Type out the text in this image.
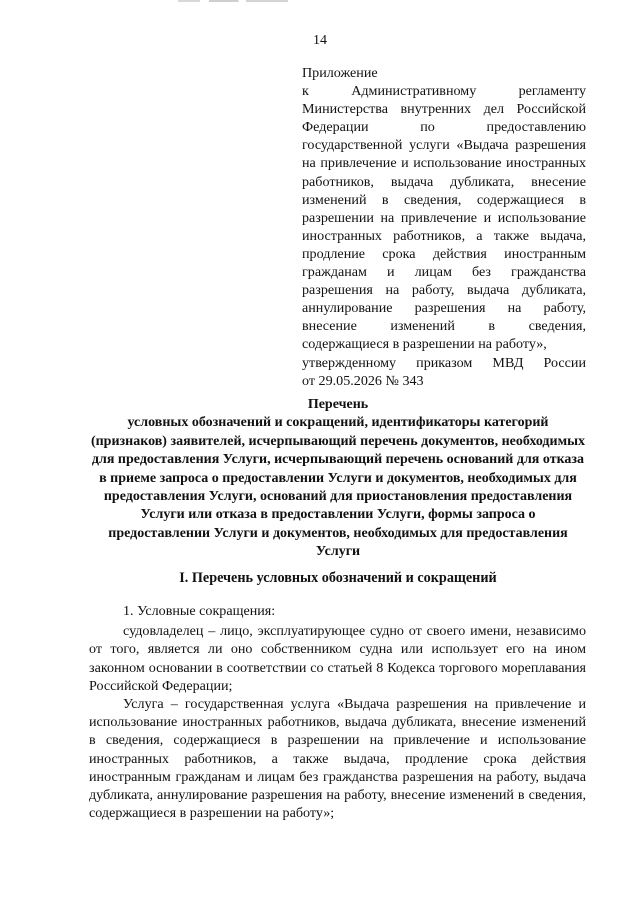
14
Приложение
к Административному регламенту Министерства внутренних дел Российской Федерации по предоставлению государственной услуги «Выдача разрешения на привлечение и использование иностранных работников, выдача дубликата, внесение изменений в сведения, содержащиеся в разрешении на привлечение и использование иностранных работников, а также выдача, продление срока действия иностранным гражданам и лицам без гражданства разрешения на работу, выдача дубликата, аннулирование разрешения на работу, внесение изменений в сведения, содержащиеся в разрешении на работу»,
утвержденному приказом МВД России
от 29.05.2026 № 343
Перечень
условных обозначений и сокращений, идентификаторы категорий (признаков) заявителей, исчерпывающий перечень документов, необходимых для предоставления Услуги, исчерпывающий перечень оснований для отказа в приеме запроса о предоставлении Услуги и документов, необходимых для предоставления Услуги, оснований для приостановления предоставления Услуги или отказа в предоставлении Услуги, формы запроса о предоставлении Услуги и документов, необходимых для предоставления Услуги
I. Перечень условных обозначений и сокращений

1. Условные сокращения:

судовладелец – лицо, эксплуатирующее судно от своего имени, независимо от того, является ли оно собственником судна или использует его на ином законном основании в соответствии со статьей 8 Кодекса торгового мореплавания Российской Федерации;

Услуга – государственная услуга «Выдача разрешения на привлечение и использование иностранных работников, выдача дубликата, внесение изменений в сведения, содержащиеся в разрешении на привлечение и использование иностранных работников, а также выдача, продление срока действия иностранным гражданам и лицам без гражданства разрешения на работу, выдача дубликата, аннулирование разрешения на работу, внесение изменений в сведения, содержащиеся в разрешении на работу»;
